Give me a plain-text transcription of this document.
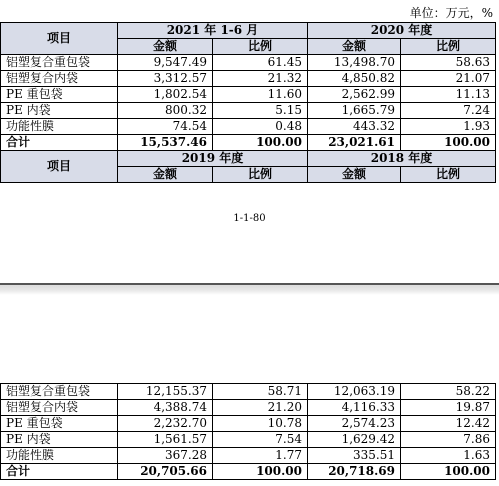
单位：万元，%
项目	2021 年 1-6 月		2020 年度	
	金额	比例	金额	比例
铝塑复合重包袋	9,547.49	61.45	13,498.70	58.63
铝塑复合内袋	3,312.57	21.32	4,850.82	21.07
PE 重包袋	1,802.54	11.60	2,562.99	11.13
PE 内袋	800.32	5.15	1,665.79	7.24
功能性膜	74.54	0.48	443.32	1.93
合计	15,537.46	100.00	23,021.61	100.00
项目	2019 年度		2018 年度	
	金额	比例	金额	比例
1-1-80
铝塑复合重包袋	12,155.37	58.71	12,063.19	58.22
铝塑复合内袋	4,388.74	21.20	4,116.33	19.87
PE 重包袋	2,232.70	10.78	2,574.23	12.42
PE 内袋	1,561.57	7.54	1,629.42	7.86
功能性膜	367.28	1.77	335.51	1.63
合计	20,705.66	100.00	20,718.69	100.00
